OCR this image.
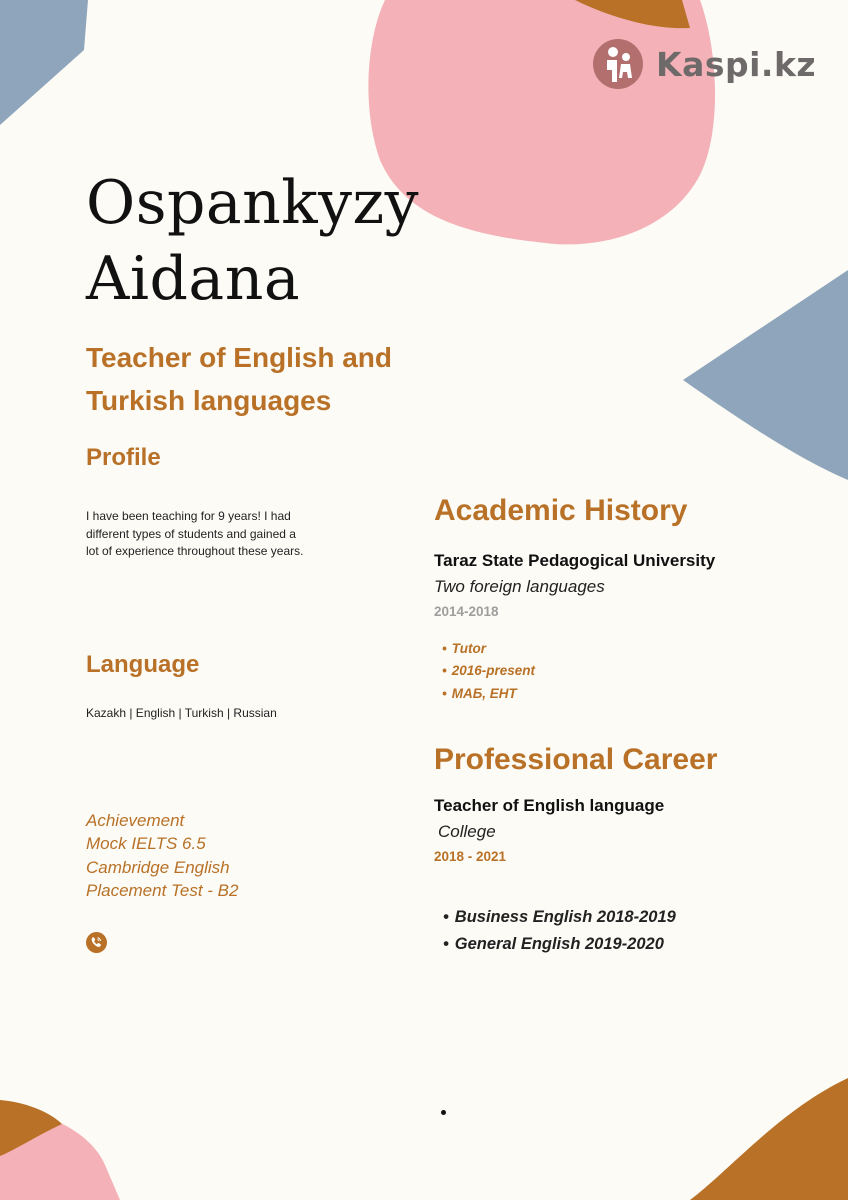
Kaspi.kz
Ospankyzy
Aidana
Teacher of English and Turkish languages
Profile
I have been teaching for 9 years! I had different types of students and gained a lot of experience throughout these years.
Language
Kazakh | English | Turkish | Russian
Achievement
Mock IELTS 6.5
Cambridge English
Placement Test - B2
Academic History
Taraz State Pedagogical University
Two foreign languages
2014-2018
• Tutor
• 2016-present
• МАБ, ЕНТ
Professional Career
Teacher of English language
College
2018 - 2021
• Business English 2018-2019
• General English 2019-2020
